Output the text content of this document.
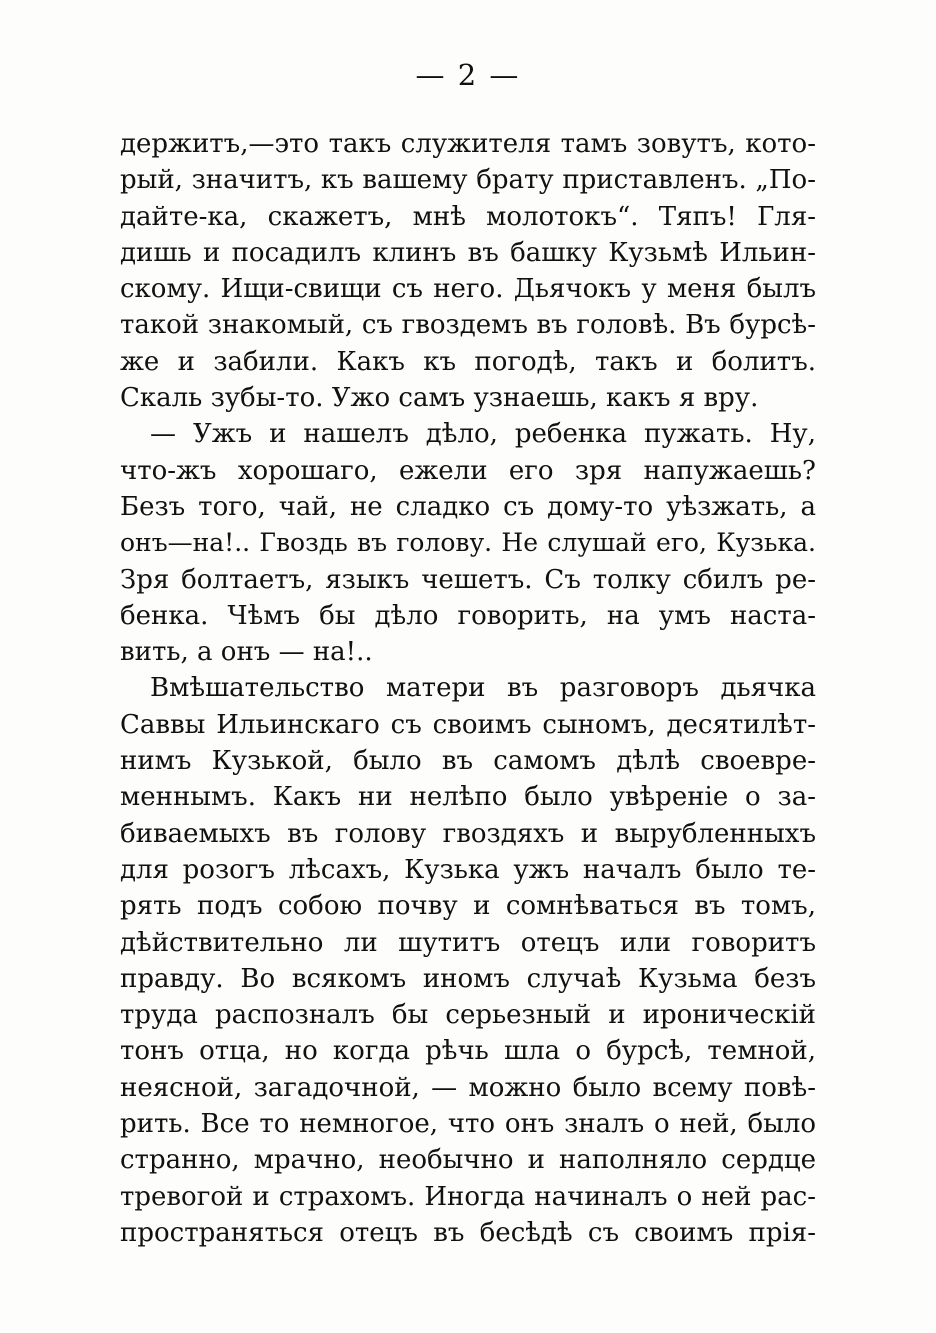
— 2 —
держитъ,—это такъ служителя тамъ зовутъ, кото-
рый, значитъ, къ вашему брату приставленъ. „По-
дайте-ка, скажетъ, мнѣ молотокъ“. Тяпъ! Гля-
дишь и посадилъ клинъ въ башку Кузьмѣ Ильин-
скому. Ищи-свищи съ него. Дьячокъ у меня былъ
такой знакомый, съ гвоздемъ въ головѣ. Въ бурсѣ-
же и забили. Какъ къ погодѣ, такъ и болитъ.
Скаль зубы-то. Ужо самъ узнаешь, какъ я вру.
— Ужъ и нашелъ дѣло, ребенка пужать. Ну,
что-жъ хорошаго, ежели его зря напужаешь?
Безъ того, чай, не сладко съ дому-то уѣзжать, а
онъ—на!.. Гвоздь въ голову. Не слушай его, Кузька.
Зря болтаетъ, языкъ чешетъ. Съ толку сбилъ ре-
бенка. Чѣмъ бы дѣло говорить, на умъ наста-
вить, а онъ — на!..
Вмѣшательство матери въ разговоръ дьячка
Саввы Ильинскаго съ своимъ сыномъ, десятилѣт-
нимъ Кузькой, было въ самомъ дѣлѣ своевре-
меннымъ. Какъ ни нелѣпо было увѣреніе о за-
биваемыхъ въ голову гвоздяхъ и вырубленныхъ
для розогъ лѣсахъ, Кузька ужъ началъ было те-
рять подъ собою почву и сомнѣваться въ томъ,
дѣйствительно ли шутитъ отецъ или говоритъ
правду. Во всякомъ иномъ случаѣ Кузьма безъ
труда распозналъ бы серьезный и ироническій
тонъ отца, но когда рѣчь шла о бурсѣ, темной,
неясной, загадочной, — можно было всему повѣ-
рить. Все то немногое, что онъ зналъ о ней, было
странно, мрачно, необычно и наполняло сердце
тревогой и страхомъ. Иногда начиналъ о ней рас-
пространяться отецъ въ бесѣдѣ съ своимъ прія-
